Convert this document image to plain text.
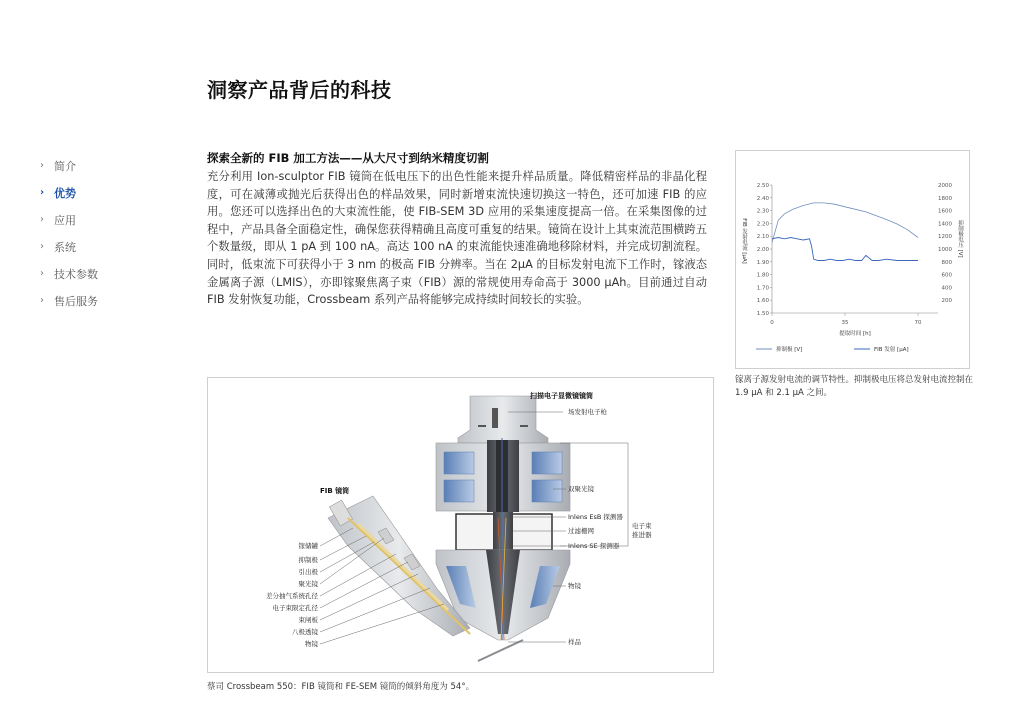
洞察产品背后的科技
› 简介
› 优势
› 应用
› 系统
› 技术参数
› 售后服务
探索全新的 FIB 加工方法——从大尺寸到纳米精度切割
充分利用 Ion-sculptor FIB 镜筒在低电压下的出色性能来提升样品质量。降低精密样品的非晶化程度，可在减薄或抛光后获得出色的样品效果，同时新增束流快速切换这一特色，还可加速 FIB 的应用。您还可以选择出色的大束流性能，使 FIB-SEM 3D 应用的采集速度提高一倍。在采集图像的过程中，产品具备全面稳定性，确保您获得精确且高度可重复的结果。镜筒在设计上其束流范围横跨五个数量级，即从 1 pA 到 100 nA。高达 100 nA 的束流能快速准确地移除材料，并完成切割流程。同时，低束流下可获得小于 3 nm 的极高 FIB 分辨率。当在 2μA 的目标发射电流下工作时，镓液态金属离子源（LMIS），亦即镓聚焦离子束（FIB）源的常规使用寿命高于 3000 μAh。目前通过自动 FIB 发射恢复功能，Crossbeam 系列产品将能够完成持续时间较长的实验。
1.50
1.60
1.70
1.80
1.90
2.00
2.10
2.20
2.30
2.40
2.50
200
400
600
800
1000
1200
1400
1600
1800
2000
0	35	70
FIB 发射电流 [μA]	抑制极电压 [V]
提取时间 [h]
抑制极 [V]	FIB 发射 [μA]
镓离子源发射电流的调节特性。抑制极电压将总发射电流控制在 1.9 μA 和 2.1 μA 之间。
扫描电子显微镜镜筒
场发射电子枪
双聚光镜
Inlens EsB 探测器
过滤栅网
Inlens SE 探测器
物镜
样品
电子束
推进器
FIB 镜筒
镓储罐
抑制极
引出极
聚光镜
差分抽气系统孔径
电子束限定孔径
束闸板
八极透镜
物镜
蔡司 Crossbeam 550：FIB 镜筒和 FE-SEM 镜筒的倾斜角度为 54°。
